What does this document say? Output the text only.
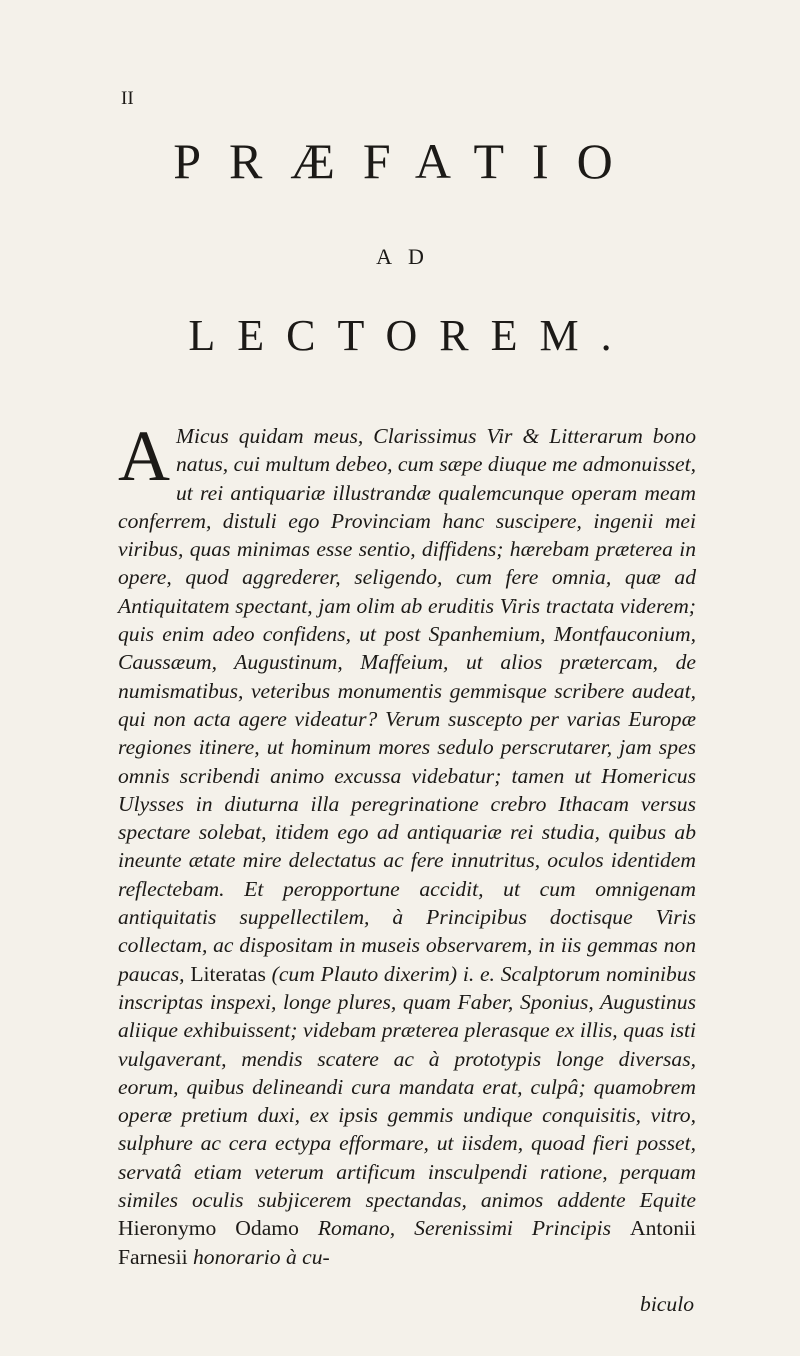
II
PRÆFATIO
AD
LECTOREM.

A Micus quidam meus, Clarissimus Vir & Litterarum bono natus, cui multum debeo, cum sæpe diuque me admonuisset, ut rei antiquariæ illustrandæ qualemcunque operam meam conferrem, distuli ego Provinciam hanc suscipere, ingenii mei viribus, quas minimas esse sentio, diffidens; hærebam præterea in opere, quod aggrederer, seligendo, cum fere omnia, quæ ad Antiquitatem spectant, jam olim ab eruditis Viris tractata viderem; quis enim adeo confidens, ut post Spanhemium, Montfauconium, Caussæum, Augustinum, Maffeium, ut alios prætercam, de numismatibus, veteribus monumentis gemmisque scribere audeat, qui non acta agere videatur? Verum suscepto per varias Europæ regiones itinere, ut hominum mores sedulo perscrutarer, jam spes omnis scribendi animo excussa videbatur; tamen ut Homericus Ulysses in diuturna illa peregrinatione crebro Ithacam versus spectare solebat, itidem ego ad antiquariæ rei studia, quibus ab ineunte ætate mire delectatus ac fere innutritus, oculos identidem reflectebam. Et peropportune accidit, ut cum omnigenam antiquitatis suppellectilem, à Principibus doctisque Viris collectam, ac dispositam in museis observarem, in iis gemmas non paucas, Literatas (cum Plauto dixerim) i. e. Scalptorum nominibus inscriptas inspexi, longe plures, quam Faber, Sponius, Augustinus aliique exhibuissent; videbam præterea plerasque ex illis, quas isti vulgaverant, mendis scatere ac à prototypis longe diversas, eorum, quibus delineandi cura mandata erat, culpâ; quamobrem operæ pretium duxi, ex ipsis gemmis undique conquisitis, vitro, sulphure ac cera ectypa efformare, ut iisdem, quoad fieri posset, servatâ etiam veterum artificum insculpendi ratione, perquam similes oculis subjicerem spectandas, animos addente Equite Hieronymo Odamo Romano, Serenissimi Principis Antonii Farnesii honorario à cu-

biculo
